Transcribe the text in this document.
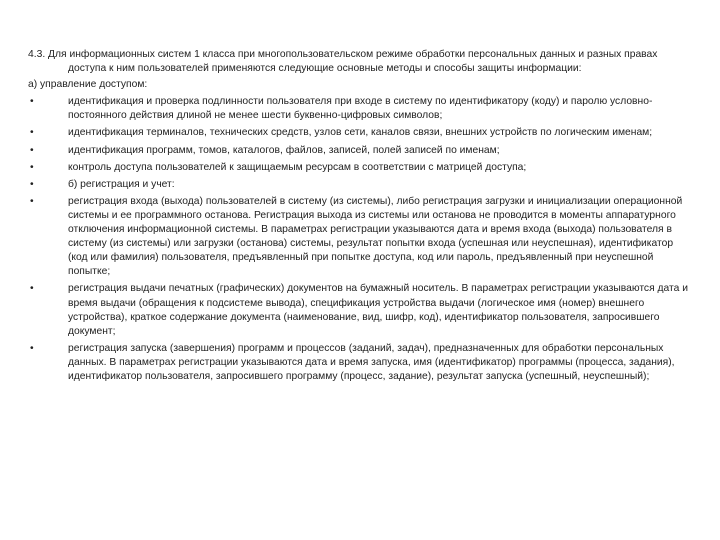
4.3. Для информационных систем 1 класса при многопользовательском режиме обработки персональных данных и разных правах доступа к ним пользователей применяются следующие основные методы и способы защиты информации:

а) управление доступом:

•	идентификация и проверка подлинности пользователя при входе в систему по идентификатору (коду) и паролю условно-постоянного действия длиной не менее шести буквенно-цифровых символов;
•	идентификация терминалов, технических средств, узлов сети, каналов связи, внешних устройств по логическим именам;
•	идентификация программ, томов, каталогов, файлов, записей, полей записей по именам;
•	контроль доступа пользователей к защищаемым ресурсам в соответствии с матрицей доступа;
•	б) регистрация и учет:
•	регистрация входа (выхода) пользователей в систему (из системы), либо регистрация загрузки и инициализации операционной системы и ее программного останова. Регистрация выхода из системы или останова не проводится в моменты аппаратурного отключения информационной системы. В параметрах регистрации указываются дата и время входа (выхода) пользователя в систему (из системы) или загрузки (останова) системы, результат попытки входа (успешная или неуспешная), идентификатор (код или фамилия) пользователя, предъявленный при попытке доступа, код или пароль, предъявленный при неуспешной попытке;
•	регистрация выдачи печатных (графических) документов на бумажный носитель. В параметрах регистрации указываются дата и время выдачи (обращения к подсистеме вывода), спецификация устройства выдачи (логическое имя (номер) внешнего устройства), краткое содержание документа (наименование, вид, шифр, код), идентификатор пользователя, запросившего документ;
•	регистрация запуска (завершения) программ и процессов (заданий, задач), предназначенных для обработки персональных данных. В параметрах регистрации указываются дата и время запуска, имя (идентификатор) программы (процесса, задания), идентификатор пользователя, запросившего программу (процесс, задание), результат запуска (успешный, неуспешный);
